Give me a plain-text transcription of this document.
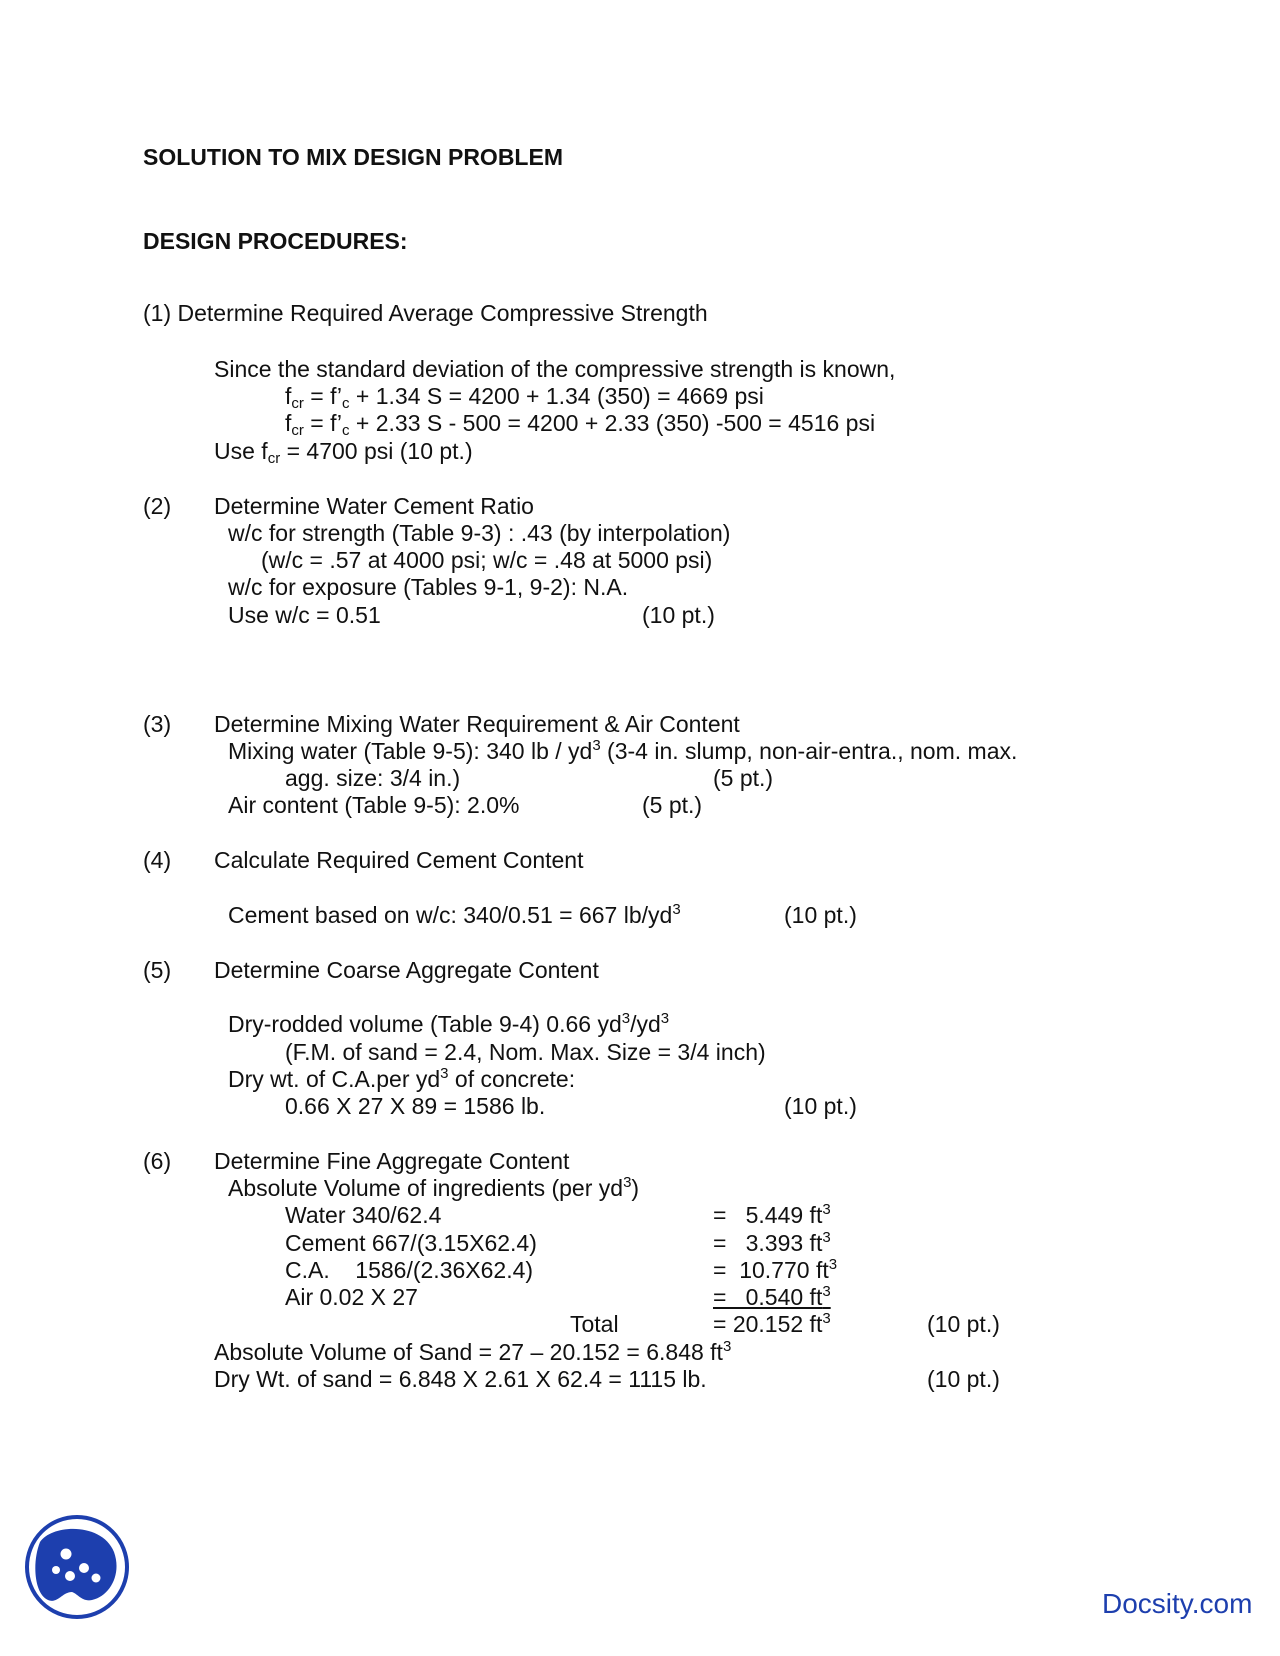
SOLUTION TO MIX DESIGN PROBLEM
DESIGN PROCEDURES:
(1) Determine Required Average Compressive Strength
Since the standard deviation of the compressive strength is known,
$f_{cr}$ = $f’_c + 1.34$ S = 4200 + 1.34 (350) = 4669 psi
$f_{cr}$ = $f’_c + 2.33$ S - 500 = 4200 + 2.33 (350) -500 = 4516 psi
Use $f_{cr} = 4700$ psi (10 pt.)
(2) Determine Water Cement Ratio
w/c for strength (Table 9-3) : .43 (by interpolation)
(w/c = .57 at 4000 psi; w/c = .48 at 5000 psi)
w/c for exposure (Tables 9-1, 9-2): N.A.
Use w/c = 0.51	(10 pt.)
(3) Determine Mixing Water Requirement & Air Content
Mixing water (Table 9-5): 340 lb / $yd^3$ (3-4 in. slump, non-air-entra., nom. max.
agg. size: 3/4 in.)	(5 pt.)
Air content (Table 9-5): 2.0%	(5 pt.)
(4) Calculate Required Cement Content
Cement based on w/c: 340/0.51 = 667 $lb/yd^3$	(10 pt.)
(5) Determine Coarse Aggregate Content
Dry-rodded volume (Table 9-4) 0.66 $yd^3/yd^3$
(F.M. of sand = 2.4, Nom. Max. Size = 3/4 inch)
Dry wt. of C.A.per $yd^3$ of concrete:
0.66 X 27 X 89 = 1586 lb.	(10 pt.)
(6) Determine Fine Aggregate Content
Absolute Volume of ingredients (per $yd^3$)
Water 340/62.4	=   5.449 $ft^3$
Cement 667/(3.15X62.4)	=   3.393 $ft^3$
C.A.    1586/(2.36X62.4)	=  10.770 $ft^3$
Air 0.02 X 27	=   0.540 $ft^3$
Total	= 20.152 $ft^3$	(10 pt.)
Absolute Volume of Sand = 27 – 20.152 = 6.848 $ft^3$
Dry Wt. of sand = 6.848 X 2.61 X 62.4 = 1115 lb.	(10 pt.)
Docsity.com
